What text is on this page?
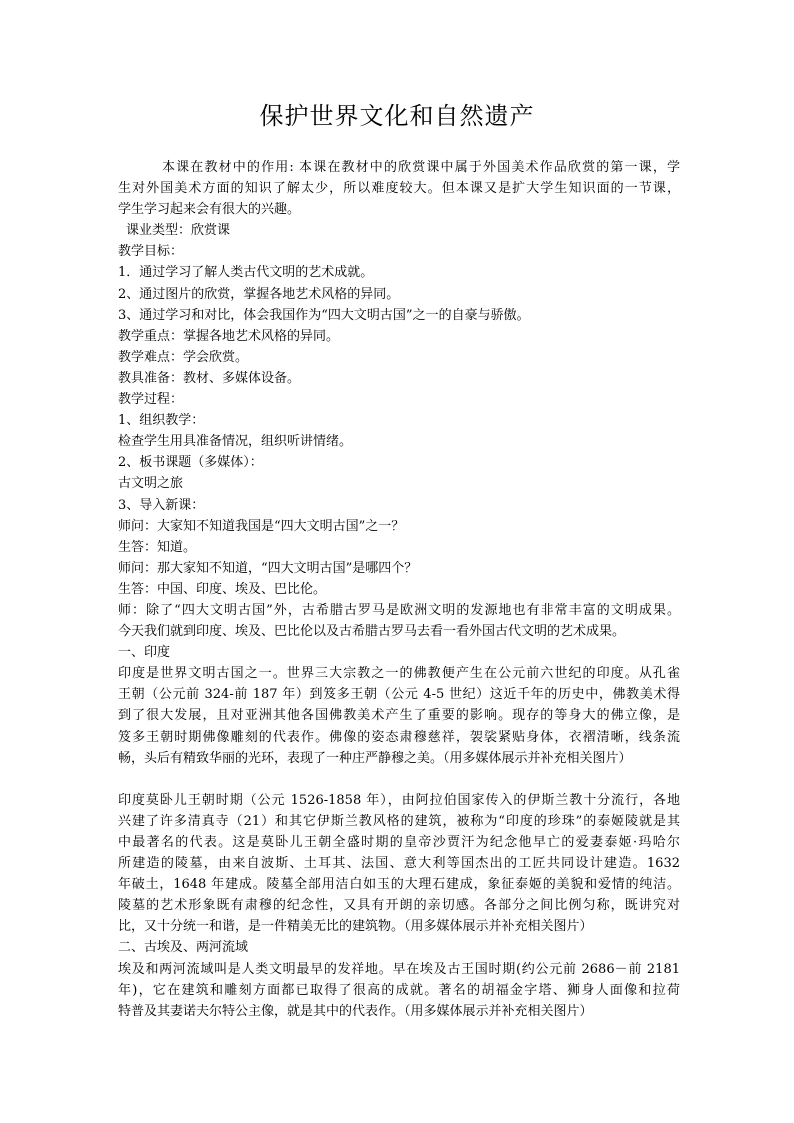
保护世界文化和自然遗产
本课在教材中的作用: 本课在教材中的欣赏课中属于外国美术作品欣赏的第一课，学
生对外国美术方面的知识了解太少，所以难度较大。但本课又是扩大学生知识面的一节课，
学生学习起来会有很大的兴趣。
课业类型：欣赏课
教学目标：
1．通过学习了解人类古代文明的艺术成就。
2、通过图片的欣赏，掌握各地艺术风格的异同。
3、通过学习和对比，体会我国作为“四大文明古国”之一的自豪与骄傲。
教学重点：掌握各地艺术风格的异同。
教学难点：学会欣赏。
教具准备：教材、多媒体设备。
教学过程：
1、组织教学：
检查学生用具准备情况，组织听讲情绪。
2、板书课题（多媒体）：
古文明之旅
3、导入新课：
师问：大家知不知道我国是“四大文明古国”之一？
生答：知道。
师问：那大家知不知道，“四大文明古国”是哪四个？
生答：中国、印度、埃及、巴比伦。
师：除了“四大文明古国”外，古希腊古罗马是欧洲文明的发源地也有非常丰富的文明成果。
今天我们就到印度、埃及、巴比伦以及古希腊古罗马去看一看外国古代文明的艺术成果。
一、印度
印度是世界文明古国之一。世界三大宗教之一的佛教便产生在公元前六世纪的印度。从孔雀
王朝（公元前 324-前 187 年）到笈多王朝（公元 4-5 世纪）这近千年的历史中，佛教美术得
到了很大发展，且对亚洲其他各国佛教美术产生了重要的影响。现存的等身大的佛立像，是
笈多王朝时期佛像雕刻的代表作。佛像的姿态肃穆慈祥，袈裟紧贴身体，衣褶清晰，线条流
畅，头后有精致华丽的光环，表现了一种庄严静穆之美。（用多媒体展示并补充相关图片）
印度莫卧儿王朝时期（公元 1526-1858 年），由阿拉伯国家传入的伊斯兰教十分流行，各地
兴建了许多清真寺（21）和其它伊斯兰教风格的建筑，被称为“印度的珍珠”的泰姬陵就是其
中最著名的代表。这是莫卧儿王朝全盛时期的皇帝沙贾汗为纪念他早亡的爱妻泰姬·玛哈尔
所建造的陵墓，由来自波斯、土耳其、法国、意大利等国杰出的工匠共同设计建造。1632
年破土，1648 年建成。陵墓全部用洁白如玉的大理石建成，象征泰姬的美貌和爱情的纯洁。
陵墓的艺术形象既有肃穆的纪念性，又具有开朗的亲切感。各部分之间比例匀称，既讲究对
比，又十分统一和谐，是一件精美无比的建筑物。（用多媒体展示并补充相关图片）
二、古埃及、两河流域
埃及和两河流域叫是人类文明最早的发祥地。早在埃及古王国时期(约公元前 2686－前 2181
年)，它在建筑和雕刻方面都已取得了很高的成就。著名的胡福金字塔、狮身人面像和拉荷
特普及其妻诺夫尔特公主像，就是其中的代表作。（用多媒体展示并补充相关图片）
